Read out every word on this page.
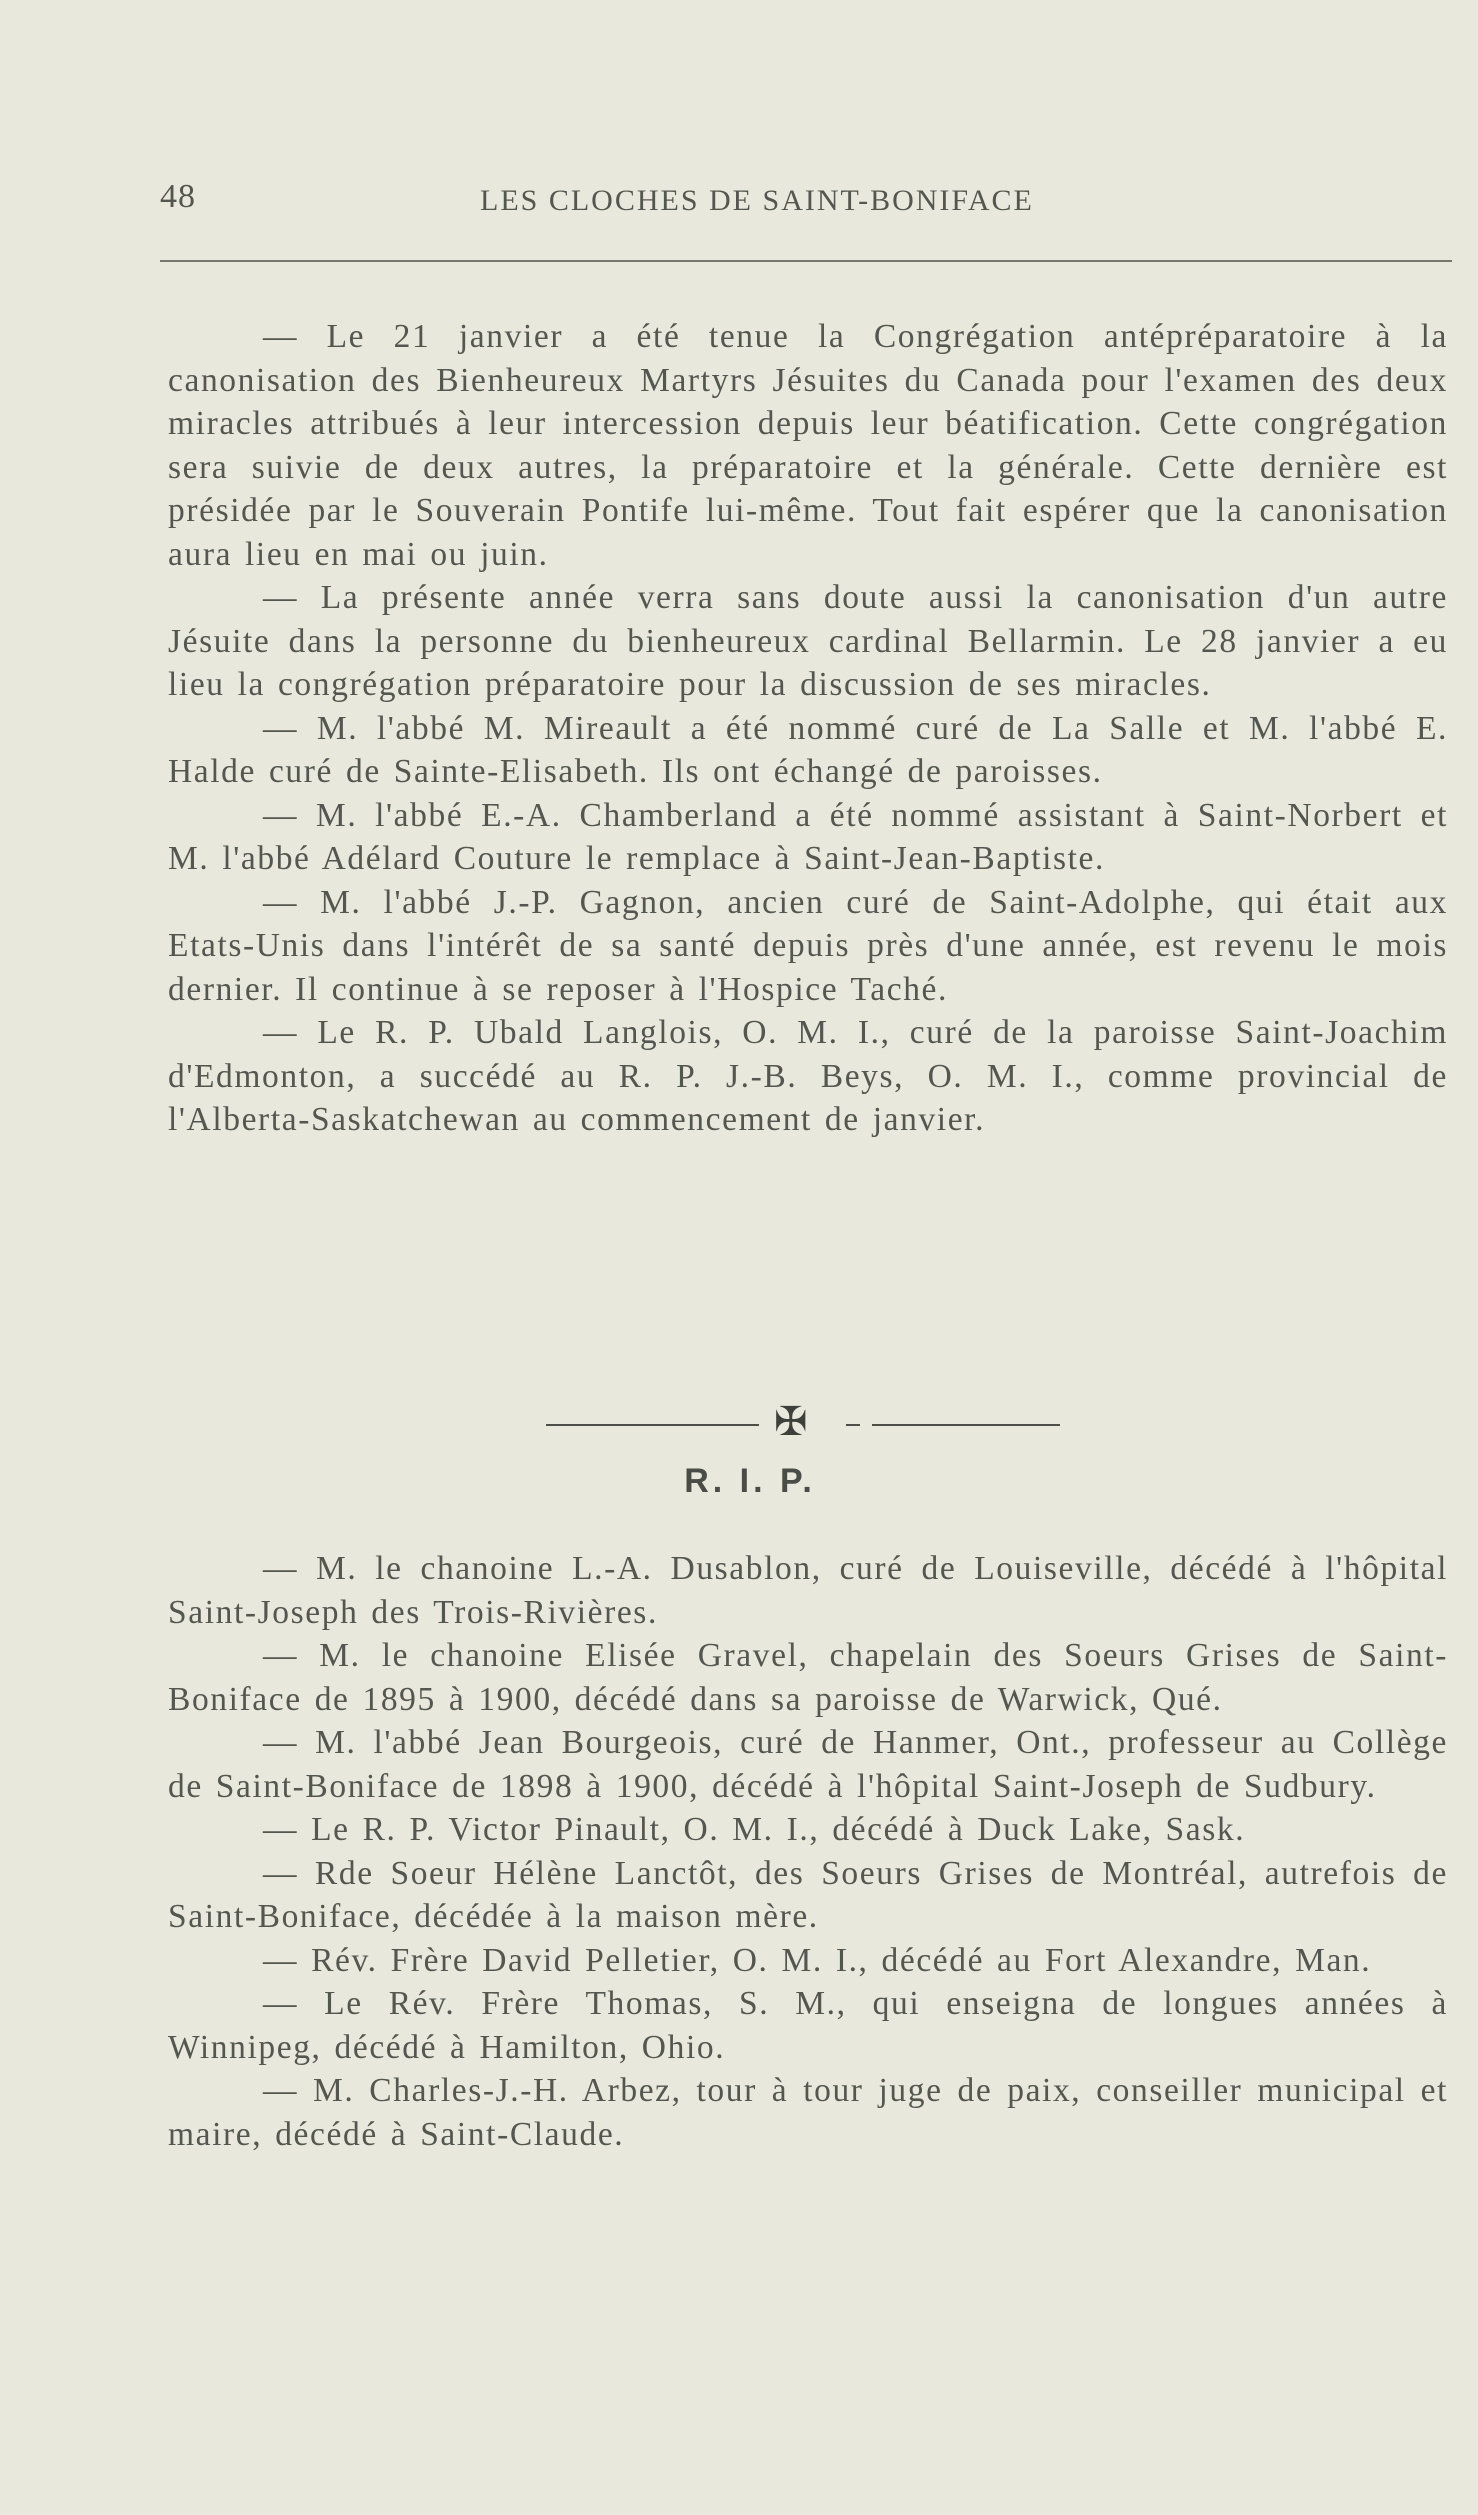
48	LES CLOCHES DE SAINT-BONIFACE

— Le 21 janvier a été tenue la Congrégation antépréparatoire à la canonisation des Bienheureux Martyrs Jésuites du Canada pour l'examen des deux miracles attribués à leur intercession depuis leur béatification. Cette congrégation sera suivie de deux autres, la préparatoire et la générale. Cette dernière est présidée par le Souverain Pontife lui-même. Tout fait espérer que la canonisation aura lieu en mai ou juin.

— La présente année verra sans doute aussi la canonisation d'un autre Jésuite dans la personne du bienheureux cardinal Bellarmin. Le 28 janvier a eu lieu la congrégation préparatoire pour la discussion de ses miracles.

— M. l'abbé M. Mireault a été nommé curé de La Salle et M. l'abbé E. Halde curé de Sainte-Elisabeth. Ils ont échangé de paroisses.

— M. l'abbé E.-A. Chamberland a été nommé assistant à Saint-Norbert et M. l'abbé Adélard Couture le remplace à Saint-Jean-Baptiste.

— M. l'abbé J.-P. Gagnon, ancien curé de Saint-Adolphe, qui était aux Etats-Unis dans l'intérêt de sa santé depuis près d'une année, est revenu le mois dernier. Il continue à se reposer à l'Hospice Taché.

— Le R. P. Ubald Langlois, O. M. I., curé de la paroisse Saint-Joachim d'Edmonton, a succédé au R. P. J.-B. Beys, O. M. I., comme provincial de l'Alberta-Saskatchewan au commencement de janvier.

✠
R. I. P.

— M. le chanoine L.-A. Dusablon, curé de Louiseville, décédé à l'hôpital Saint-Joseph des Trois-Rivières.

— M. le chanoine Elisée Gravel, chapelain des Soeurs Grises de Saint-Boniface de 1895 à 1900, décédé dans sa paroisse de Warwick, Qué.

— M. l'abbé Jean Bourgeois, curé de Hanmer, Ont., professeur au Collège de Saint-Boniface de 1898 à 1900, décédé à l'hôpital Saint-Joseph de Sudbury.

— Le R. P. Victor Pinault, O. M. I., décédé à Duck Lake, Sask.

— Rde Soeur Hélène Lanctôt, des Soeurs Grises de Montréal, autrefois de Saint-Boniface, décédée à la maison mère.

— Rév. Frère David Pelletier, O. M. I., décédé au Fort Alexandre, Man.

— Le Rév. Frère Thomas, S. M., qui enseigna de longues années à Winnipeg, décédé à Hamilton, Ohio.

— M. Charles-J.-H. Arbez, tour à tour juge de paix, conseiller municipal et maire, décédé à Saint-Claude.
